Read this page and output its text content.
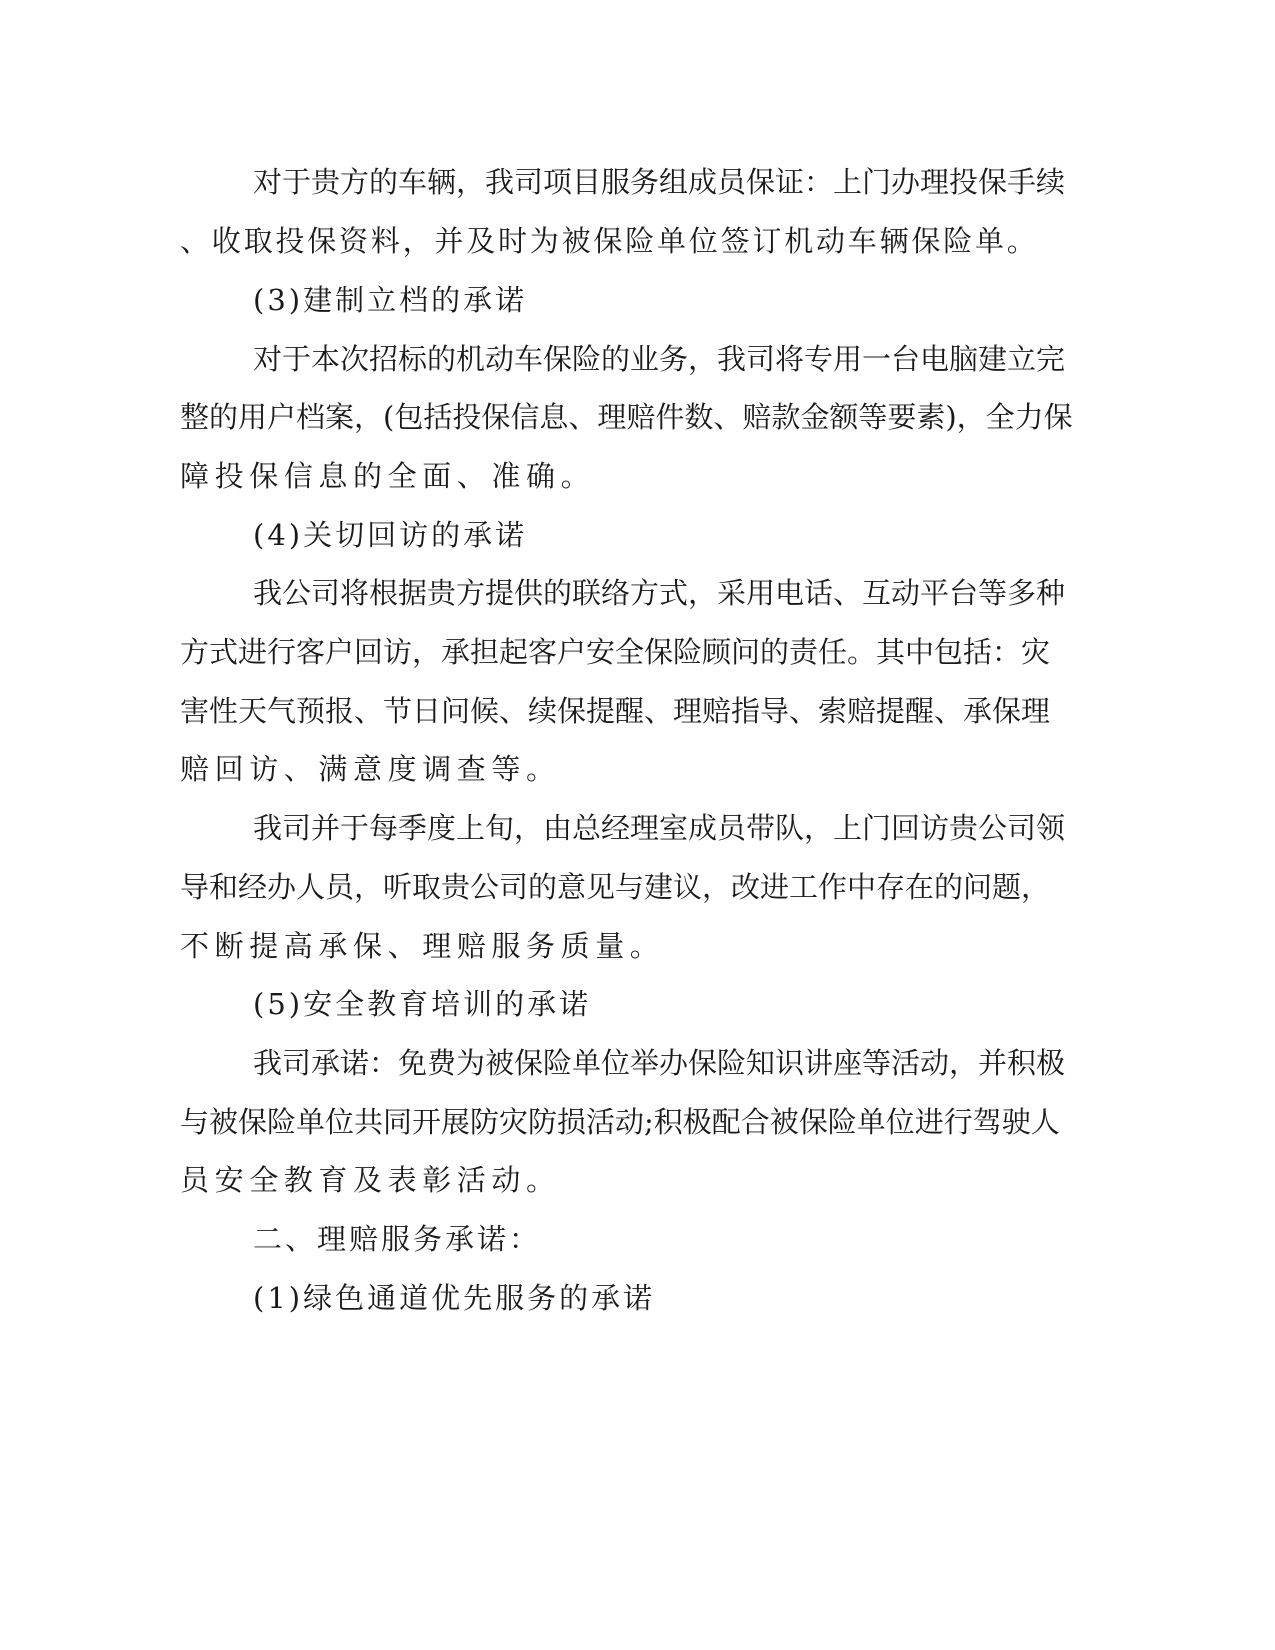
对于贵方的车辆，我司项目服务组成员保证：上门办理投保手续
、收取投保资料，并及时为被保险单位签订机动车辆保险单。
(3)建制立档的承诺
对于本次招标的机动车保险的业务，我司将专用一台电脑建立完
整的用户档案，(包括投保信息、理赔件数、赔款金额等要素)，全力保
障投保信息的全面、准确。
(4)关切回访的承诺
我公司将根据贵方提供的联络方式，采用电话、互动平台等多种
方式进行客户回访，承担起客户安全保险顾问的责任。其中包括：灾
害性天气预报、节日问候、续保提醒、理赔指导、索赔提醒、承保理
赔回访、满意度调查等。
我司并于每季度上旬，由总经理室成员带队，上门回访贵公司领
导和经办人员，听取贵公司的意见与建议，改进工作中存在的问题，
不断提高承保、理赔服务质量。
(5)安全教育培训的承诺
我司承诺：免费为被保险单位举办保险知识讲座等活动，并积极
与被保险单位共同开展防灾防损活动;积极配合被保险单位进行驾驶人
员安全教育及表彰活动。
二、理赔服务承诺：
(1)绿色通道优先服务的承诺
